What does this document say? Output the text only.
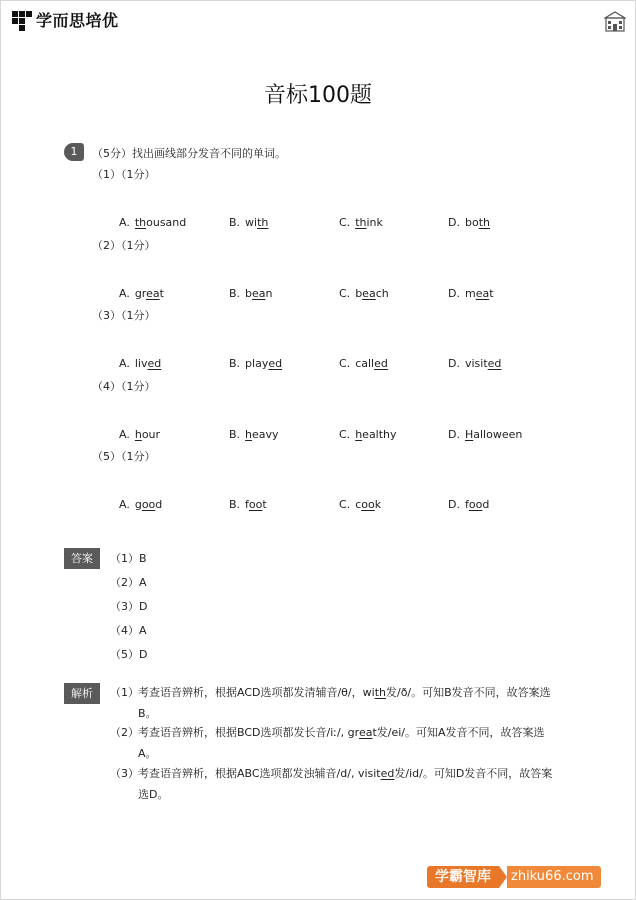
学而思培优
音标100题
1	（5分）找出画线部分发音不同的单词。
（1）（1分）
A. thousand	B. with	C. think	D. both
（2）（1分）
A. great	B. bean	C. beach	D. meat
（3）（1分）
A. lived	B. played	C. called	D. visited
（4）（1分）
A. hour	B. heavy	C. healthy	D. Halloween
（5）（1分）
A. good	B. foot	C. cook	D. food
答案	（1）B
（2）A
（3）D
（4）A
（5）D
解析	（1） 考查语音辨析，根据ACD选项都发清辅音/θ/，with发/ð/。可知B发音不同，故答案选B。
（2） 考查语音辨析，根据BCD选项都发长音/iː/, great发/ei/。可知A发音不同，故答案选A。
（3） 考查语音辨析，根据ABC选项都发浊辅音/d/, visited发/id/。可知D发音不同，故答案选D。
学霸智库	zhiku66.com
